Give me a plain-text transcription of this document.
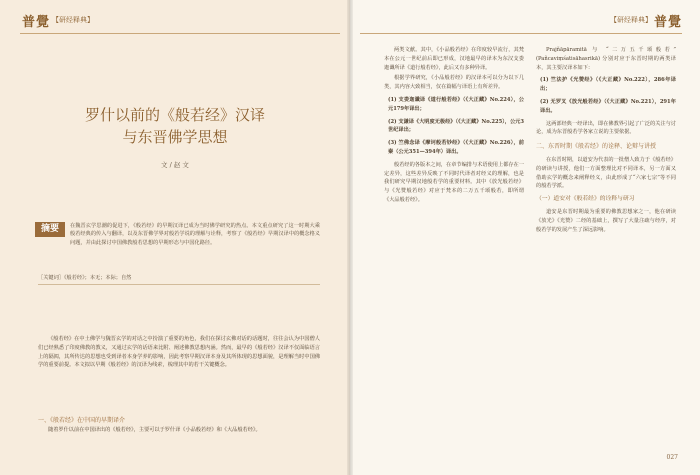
普覺 【研经释典】
罗什以前的《般若经》汉译
与东晋佛学思想
文 / 赵 文
摘要	在魏晋玄学思潮的促进下，《般若经》的早期汉译已成为当时佛学研究的热点。本文重点研究了这一时期大乘般若经典的传入与翻译，以及东晋佛学界对般若学说的理解与诠释，考察了《般若经》早期汉译中的概念格义问题，并由此探讨中国佛教般若思想的早期形态与中国化路径。
［关键词］《般若经》；本无；本际；自然

《般若经》在中土佛学与魏晋玄学的对话之中扮演了重要的角色，我们在探讨玄佛对话的话题时，往往会认为中国僧人们已经熟悉了印度佛教的教义，又通过玄学的话语来比附、阐述佛教思想内涵。然而，最早的《般若经》汉译不仅面临语言上的隔阂，其所传达的思想也受到译者本身学养的影响，因此考察早期汉译本身及其所体现的思想面貌，是理解当时中国佛学的重要前提。本文拟以早期《般若经》的汉译为线索，梳理其中的若干关键概念。

一、《般若经》在中国的早期译介

随着罗什以前在中国译出的《般若经》，主要可以于罗什译《小品般若经》和《大品般若经》。

【研经释典】 普覺

两类文献。其中，《小品般若经》在印度较早流行，其梵本在公元一世纪前后即已形成，汉地最早的译本为东汉支娄迦谶所译《道行般若经》，此后又有多种异译。

根据学界研究，《小品般若经》的汉译本可以分为以下几类，其内容大致相当，仅在篇幅与译语上有所差异。

(1) 支娄迦谶译《道行般若经》（《大正藏》No.224），公元179年译出；
(2) 支谦译《大明度无极经》（《大正藏》No.225），公元3世纪译出；
(3) 竺佛念译《摩诃般若钞经》（《大正藏》No.226），前秦（公元351—394年）译出。

般若经的各版本之间，在章节编排与术语使用上都存在一定差异，这些差异反映了不同时代译者对经义的理解，也是我们研究早期汉地般若学的重要材料。其中《放光般若经》与《光赞般若经》对应于梵本的二万五千颂般若，即所谓《大品般若经》。

Prajñāpāramitā 与 “二万五千颂般若” (Pañcaviṃśatisāhasrikā) 分别对应于东晋时期的两类译本，其主要汉译本如下：

(1) 竺法护《光赞经》（《大正藏》No.222），286年译出；
(2) 无罗叉《放光般若经》（《大正藏》No.221），291年译出。

这两部经典一经译出，即在佛教界引起了广泛的关注与讨论，成为东晋般若学各家立说的主要依据。

二、东晋时期《般若经》的诠释、论辩与讲授

在东晋时期，以道安为代表的一批僧人致力于《般若经》的研读与讲授，他们一方面整理比对不同译本，另一方面又借助玄学的概念来阐释经义，由此形成了“六家七宗”等不同的般若学派。

（一）道安对《般若经》的诠释与研习

道安是东晋时期最为重要的佛教思想家之一，他在研读《放光》《光赞》二经的基础上，撰写了大量注疏与经序，对般若学的发展产生了深远影响。

027
